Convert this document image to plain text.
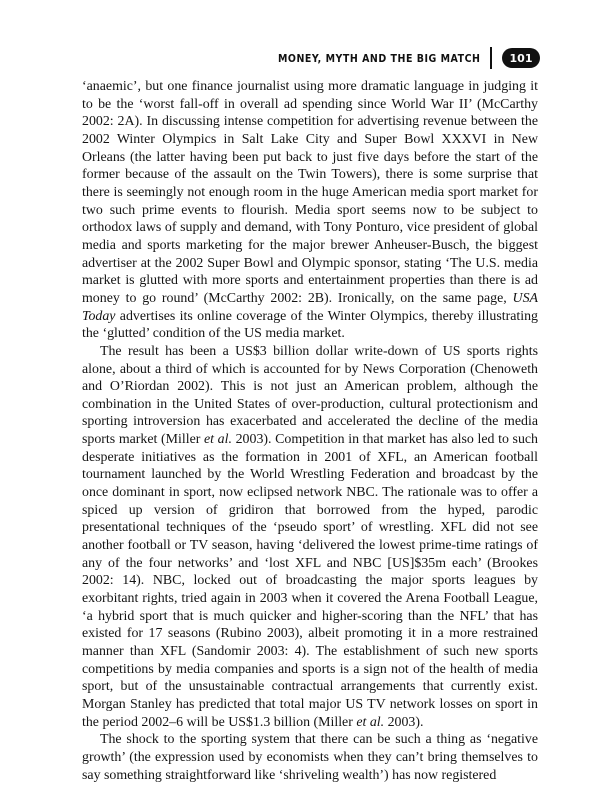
MONEY, MYTH AND THE BIG MATCH	101

‘anaemic’, but one finance journalist using more dramatic language in judging it to be the ‘worst fall-off in overall ad spending since World War II’ (McCarthy 2002: 2A). In discussing intense competition for advertising revenue between the 2002 Winter Olympics in Salt Lake City and Super Bowl XXXVI in New Orleans (the latter having been put back to just five days before the start of the former because of the assault on the Twin Towers), there is some surprise that there is seemingly not enough room in the huge American media sport market for two such prime events to flourish. Media sport seems now to be subject to orthodox laws of supply and demand, with Tony Ponturo, vice president of global media and sports marketing for the major brewer Anheuser-Busch, the biggest advertiser at the 2002 Super Bowl and Olympic sponsor, stating ‘The U.S. media market is glutted with more sports and entertainment properties than there is ad money to go round’ (McCarthy 2002: 2B). Ironically, on the same page, USA Today advertises its online coverage of the Winter Olympics, thereby illustrating the ‘glutted’ condition of the US media market.

The result has been a US$3 billion dollar write-down of US sports rights alone, about a third of which is accounted for by News Corporation (Chenoweth and O’Riordan 2002). This is not just an American problem, although the combination in the United States of over-production, cultural protectionism and sporting introversion has exacerbated and accelerated the decline of the media sports market (Miller et al. 2003). Competition in that market has also led to such desperate initiatives as the formation in 2001 of XFL, an American football tournament launched by the World Wrestling Federation and broadcast by the once dominant in sport, now eclipsed network NBC. The rationale was to offer a spiced up version of gridiron that borrowed from the hyped, parodic presentational techniques of the ‘pseudo sport’ of wrestling. XFL did not see another football or TV season, having ‘delivered the lowest prime-time ratings of any of the four networks’ and ‘lost XFL and NBC [US]$35m each’ (Brookes 2002: 14). NBC, locked out of broadcasting the major sports leagues by exorbitant rights, tried again in 2003 when it covered the Arena Football League, ‘a hybrid sport that is much quicker and higher-scoring than the NFL’ that has existed for 17 seasons (Rubino 2003), albeit promoting it in a more restrained manner than XFL (Sandomir 2003: 4). The establishment of such new sports competitions by media companies and sports is a sign not of the health of media sport, but of the unsustainable contractual arrangements that currently exist. Morgan Stanley has predicted that total major US TV network losses on sport in the period 2002–6 will be US$1.3 billion (Miller et al. 2003).

The shock to the sporting system that there can be such a thing as ‘negative growth’ (the expression used by economists when they can’t bring themselves to say something straightforward like ‘shriveling wealth’) has now registered
